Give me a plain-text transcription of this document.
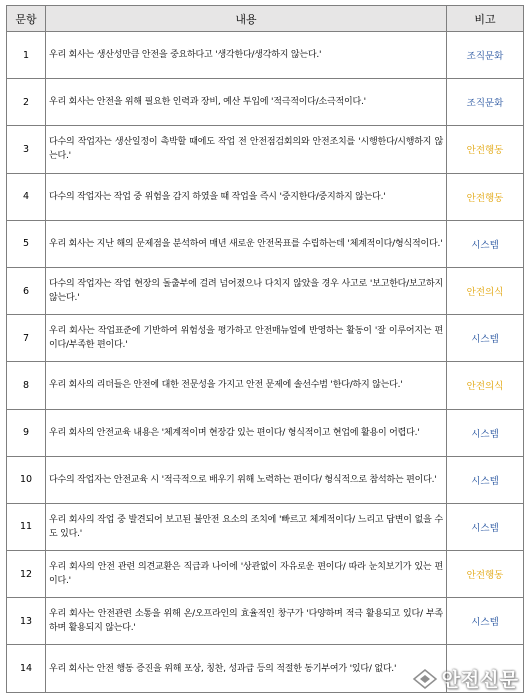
문항	내용	비고
1	우리 회사는 생산성만큼 안전을 중요하다고 '생각한다/생각하지 않는다.'	조직문화
2	우리 회사는 안전을 위해 필요한 인력과 장비, 예산 투입에 '적극적이다/소극적이다.'	조직문화
3	다수의 작업자는 생산일정이 촉박할 때에도 작업 전 안전점검회의와 안전조치를 '시행한다/시행하지 않는다.'	안전행동
4	다수의 작업자는 작업 중 위험을 감지 하였을 때 작업을 즉시 '중지한다/중지하지 않는다.'	안전행동
5	우리 회사는 지난 해의 문제점을 분석하여 매년 새로운 안전목표를 수립하는데 '체계적이다/형식적이다.'	시스템
6	다수의 작업자는 작업 현장의 돌출부에 걸려 넘어졌으나 다치지 않았을 경우 사고로 '보고한다/보고하지 않는다.'	안전의식
7	우리 회사는 작업표준에 기반하여 위험성을 평가하고 안전매뉴얼에 반영하는 활동이 '잘 이루어지는 편이다/부족한 편이다.'	시스템
8	우리 회사의 리더들은 안전에 대한 전문성을 가지고 안전 문제에 솔선수범 '한다/하지 않는다.'	안전의식
9	우리 회사의 안전교육 내용은 '체계적이며 현장감 있는 편이다/ 형식적이고 현업에 활용이 어렵다.'	시스템
10	다수의 작업자는 안전교육 시 '적극적으로 배우기 위해 노력하는 편이다/ 형식적으로 참석하는 편이다.'	시스템
11	우리 회사의 작업 중 발견되어 보고된 불안전 요소의 조치에 '빠르고 체계적이다/ 느리고 답변이 없을 수도 있다.'	시스템
12	우리 회사의 안전 관련 의견교환은 직급과 나이에 '상관없이 자유로운 편이다/ 따라 눈치보기가 있는 편이다.'	안전행동
13	우리 회사는 안전관련 소통을 위해 온/오프라인의 효율적인 창구가 '다양하며 적극 활용되고 있다/ 부족하며 활용되지 않는다.'	시스템
14	우리 회사는 안전 행동 증진을 위해 포상, 칭찬, 성과급 등의 적절한 동기부여가 '있다/ 없다.'	
안전신문
